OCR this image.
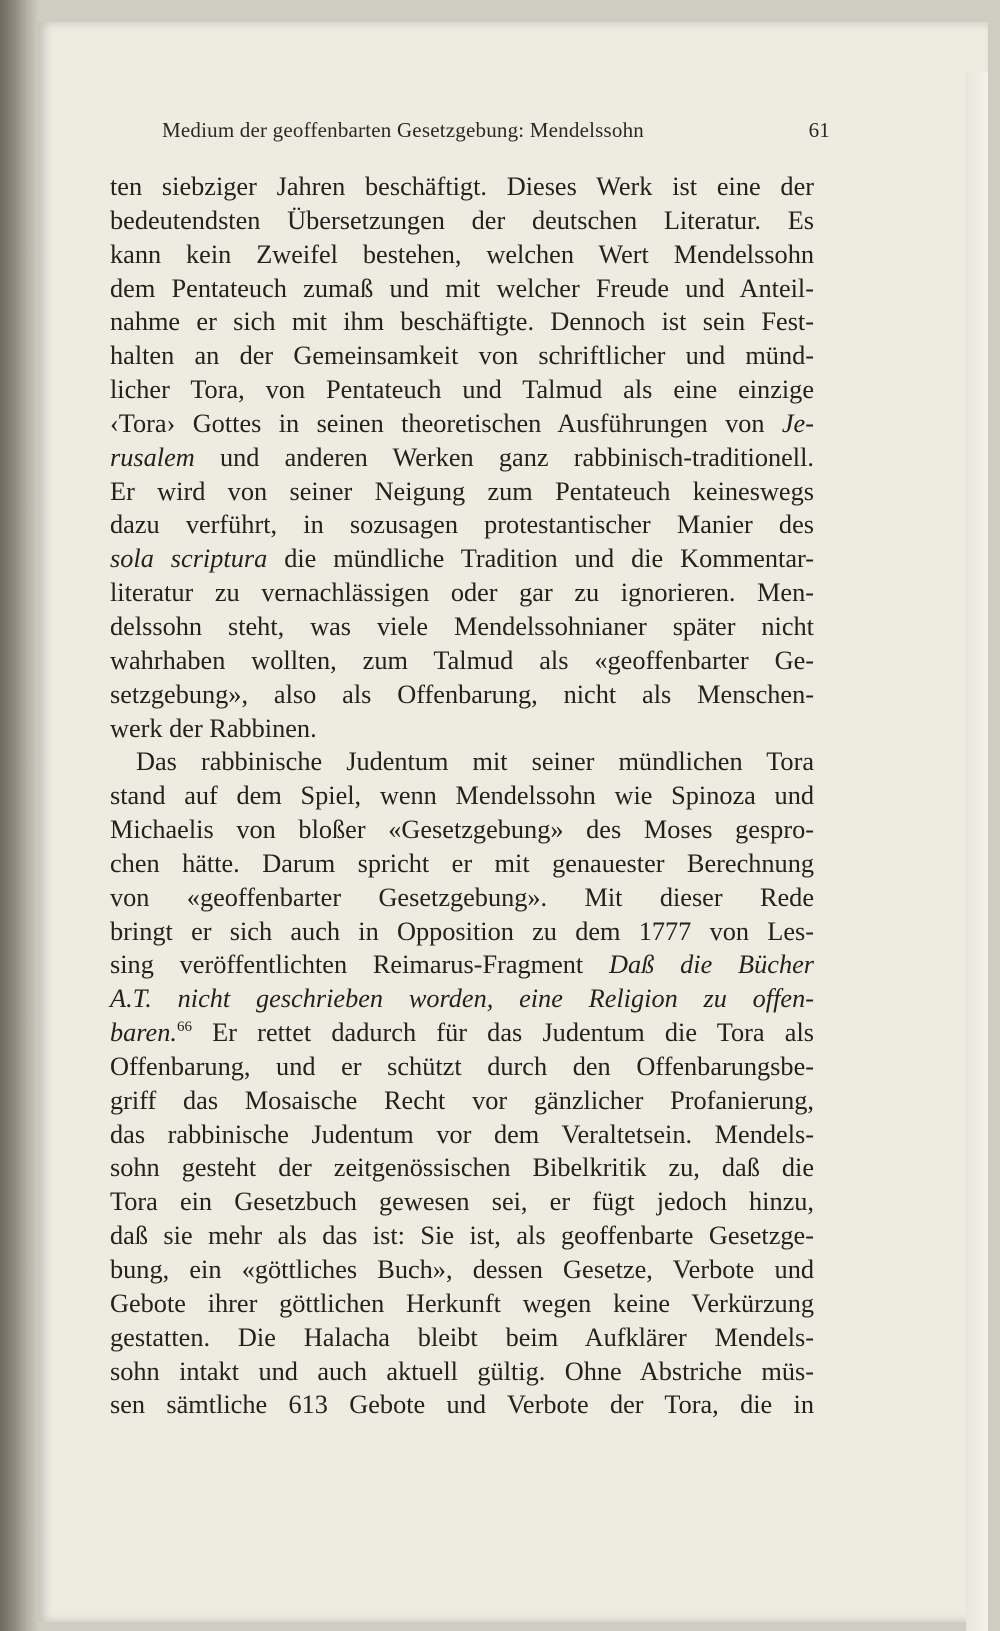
Medium der geoffenbarten Gesetzgebung: Mendelssohn	61
ten siebziger Jahren beschäftigt. Dieses Werk ist eine der
bedeutendsten Übersetzungen der deutschen Literatur. Es
kann kein Zweifel bestehen, welchen Wert Mendelssohn
dem Pentateuch zumaß und mit welcher Freude und Anteil-
nahme er sich mit ihm beschäftigte. Dennoch ist sein Fest-
halten an der Gemeinsamkeit von schriftlicher und münd-
licher Tora, von Pentateuch und Talmud als eine einzige
‹Tora› Gottes in seinen theoretischen Ausführungen von Je-
rusalem und anderen Werken ganz rabbinisch-traditionell.
Er wird von seiner Neigung zum Pentateuch keineswegs
dazu verführt, in sozusagen protestantischer Manier des
sola scriptura die mündliche Tradition und die Kommentar-
literatur zu vernachlässigen oder gar zu ignorieren. Men-
delssohn steht, was viele Mendelssohnianer später nicht
wahrhaben wollten, zum Talmud als «geoffenbarter Ge-
setzgebung», also als Offenbarung, nicht als Menschen-
werk der Rabbinen.
Das rabbinische Judentum mit seiner mündlichen Tora
stand auf dem Spiel, wenn Mendelssohn wie Spinoza und
Michaelis von bloßer «Gesetzgebung» des Moses gespro-
chen hätte. Darum spricht er mit genauester Berechnung
von «geoffenbarter Gesetzgebung». Mit dieser Rede
bringt er sich auch in Opposition zu dem 1777 von Les-
sing veröffentlichten Reimarus-Fragment Daß die Bücher
A.T. nicht geschrieben worden, eine Religion zu offen-
baren.$^{66}$ Er rettet dadurch für das Judentum die Tora als
Offenbarung, und er schützt durch den Offenbarungsbe-
griff das Mosaische Recht vor gänzlicher Profanierung,
das rabbinische Judentum vor dem Veraltetsein. Mendels-
sohn gesteht der zeitgenössischen Bibelkritik zu, daß die
Tora ein Gesetzbuch gewesen sei, er fügt jedoch hinzu,
daß sie mehr als das ist: Sie ist, als geoffenbarte Gesetzge-
bung, ein «göttliches Buch», dessen Gesetze, Verbote und
Gebote ihrer göttlichen Herkunft wegen keine Verkürzung
gestatten. Die Halacha bleibt beim Aufklärer Mendels-
sohn intakt und auch aktuell gültig. Ohne Abstriche müs-
sen sämtliche 613 Gebote und Verbote der Tora, die in
